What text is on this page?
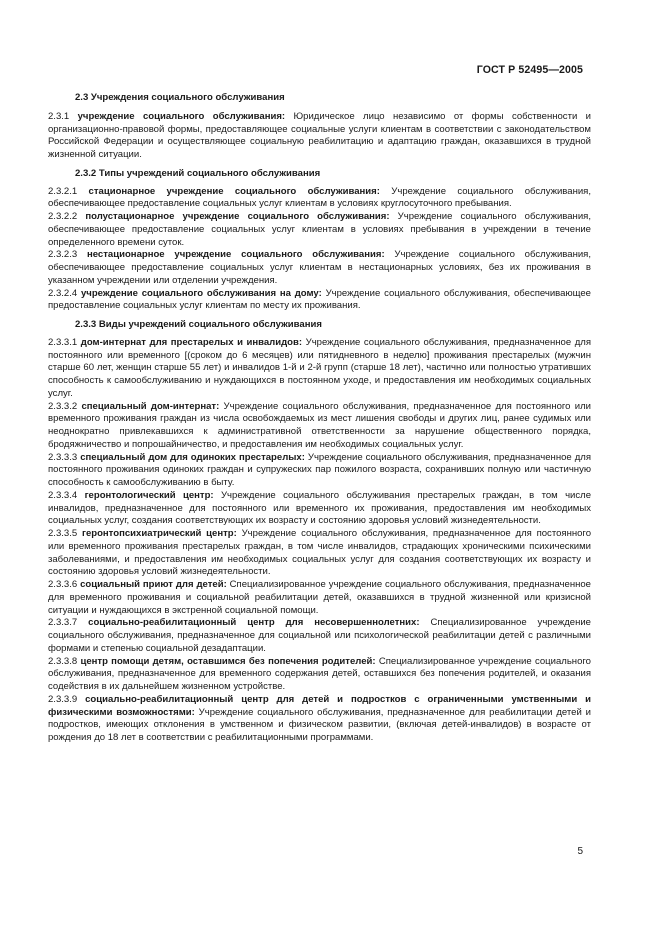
ГОСТ Р 52495—2005

2.3 Учреждения социального обслуживания

2.3.1 учреждение социального обслуживания: Юридическое лицо независимо от формы собственности и организационно-правовой формы, предоставляющее социальные услуги клиентам в соответствии с законодательством Российской Федерации и осуществляющее социальную реабилитацию и адаптацию граждан, оказавшихся в трудной жизненной ситуации.

2.3.2 Типы учреждений социального обслуживания

2.3.2.1 стационарное учреждение социального обслуживания: Учреждение социального обслуживания, обеспечивающее предоставление социальных услуг клиентам в условиях круглосуточного пребывания.

2.3.2.2 полустационарное учреждение социального обслуживания: Учреждение социального обслуживания, обеспечивающее предоставление социальных услуг клиентам в условиях пребывания в учреждении в течение определенного времени суток.

2.3.2.3 нестационарное учреждение социального обслуживания: Учреждение социального обслуживания, обеспечивающее предоставление социальных услуг клиентам в нестационарных условиях, без их проживания в указанном учреждении или отделении учреждения.

2.3.2.4 учреждение социального обслуживания на дому: Учреждение социального обслуживания, обеспечивающее предоставление социальных услуг клиентам по месту их проживания.

2.3.3 Виды учреждений социального обслуживания

2.3.3.1 дом-интернат для престарелых и инвалидов: Учреждение социального обслуживания, предназначенное для постоянного или временного [(сроком до 6 месяцев) или пятидневного в неделю] проживания престарелых (мужчин старше 60 лет, женщин старше 55 лет) и инвалидов 1-й и 2-й групп (старше 18 лет), частично или полностью утративших способность к самообслуживанию и нуждающихся в постоянном уходе, и предоставления им необходимых социальных услуг.

2.3.3.2 специальный дом-интернат: Учреждение социального обслуживания, предназначенное для постоянного или временного проживания граждан из числа освобождаемых из мест лишения свободы и других лиц, ранее судимых или неоднократно привлекавшихся к административной ответственности за нарушение общественного порядка, бродяжничество и попрошайничество, и предоставления им необходимых социальных услуг.

2.3.3.3 специальный дом для одиноких престарелых: Учреждение социального обслуживания, предназначенное для постоянного проживания одиноких граждан и супружеских пар пожилого возраста, сохранивших полную или частичную способность к самообслуживанию в быту.

2.3.3.4 геронтологический центр: Учреждение социального обслуживания престарелых граждан, в том числе инвалидов, предназначенное для постоянного или временного их проживания, предоставления им необходимых социальных услуг, создания соответствующих их возрасту и состоянию здоровья условий жизнедеятельности.

2.3.3.5 геронтопсихиатрический центр: Учреждение социального обслуживания, предназначенное для постоянного или временного проживания престарелых граждан, в том числе инвалидов, страдающих хроническими психическими заболеваниями, и предоставления им необходимых социальных услуг для создания соответствующих их возрасту и состоянию здоровья условий жизнедеятельности.

2.3.3.6 социальный приют для детей: Специализированное учреждение социального обслуживания, предназначенное для временного проживания и социальной реабилитации детей, оказавшихся в трудной жизненной или кризисной ситуации и нуждающихся в экстренной социальной помощи.

2.3.3.7 социально-реабилитационный центр для несовершеннолетних: Специализированное учреждение социального обслуживания, предназначенное для социальной или психологической реабилитации детей с различными формами и степенью социальной дезадаптации.

2.3.3.8 центр помощи детям, оставшимся без попечения родителей: Специализированное учреждение социального обслуживания, предназначенное для временного содержания детей, оставшихся без попечения родителей, и оказания содействия в их дальнейшем жизненном устройстве.

2.3.3.9 социально-реабилитационный центр для детей и подростков с ограниченными умственными и физическими возможностями: Учреждение социального обслуживания, предназначенное для реабилитации детей и подростков, имеющих отклонения в умственном и физическом развитии, (включая детей-инвалидов) в возрасте от рождения до 18 лет в соответствии с реабилитационными программами.

5
